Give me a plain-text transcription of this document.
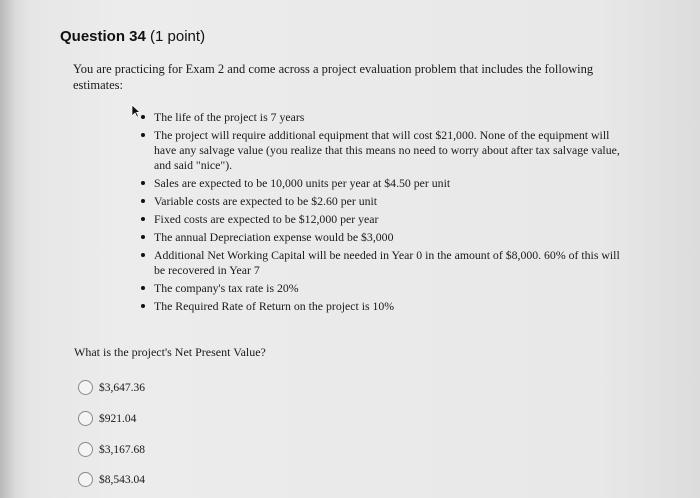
Question 34 (1 point)
You are practicing for Exam 2 and come across a project evaluation problem that includes the following estimates:
The life of the project is 7 years
The project will require additional equipment that will cost $21,000. None of the equipment will have any salvage value (you realize that this means no need to worry about after tax salvage value, and said "nice").
Sales are expected to be 10,000 units per year at $4.50 per unit
Variable costs are expected to be $2.60 per unit
Fixed costs are expected to be $12,000 per year
The annual Depreciation expense would be $3,000
Additional Net Working Capital will be needed in Year 0 in the amount of $8,000. 60% of this will be recovered in Year 7
The company's tax rate is 20%
The Required Rate of Return on the project is 10%
What is the project's Net Present Value?
$3,647.36
$921.04
$3,167.68
$8,543.04
